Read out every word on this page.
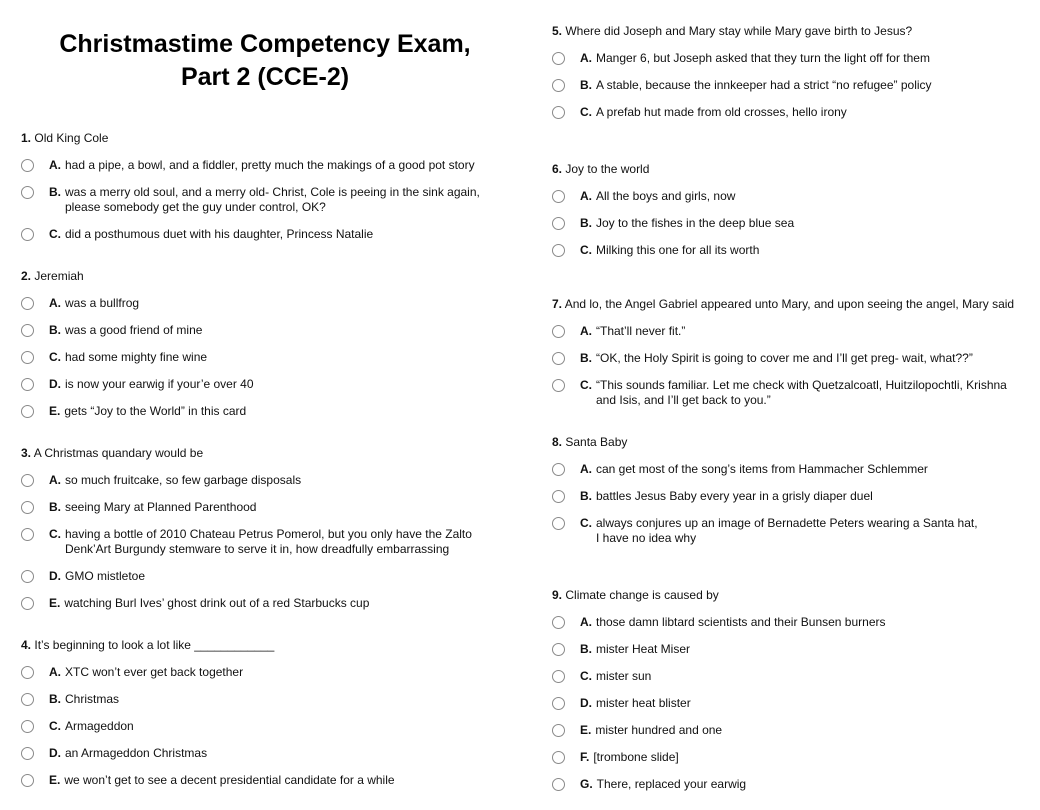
Christmastime Competency Exam,
Part 2 (CCE-2)
1. Old King Cole
A. had a pipe, a bowl, and a fiddler, pretty much the makings of a good pot story
B. was a merry old soul, and a merry old- Christ, Cole is peeing in the sink again,
please somebody get the guy under control, OK?
C. did a posthumous duet with his daughter, Princess Natalie
2. Jeremiah
A. was a bullfrog
B. was a good friend of mine
C. had some mighty fine wine
D. is now your earwig if your’e over 40
E. gets “Joy to the World” in this card
3. A Christmas quandary would be
A. so much fruitcake, so few garbage disposals
B. seeing Mary at Planned Parenthood
C. having a bottle of 2010 Chateau Petrus Pomerol, but you only have the Zalto
Denk’Art Burgundy stemware to serve it in, how dreadfully embarrassing
D. GMO mistletoe
E. watching Burl Ives’ ghost drink out of a red Starbucks cup
4. It’s beginning to look a lot like ____________
A. XTC won’t ever get back together
B. Christmas
C. Armageddon
D. an Armageddon Christmas
E. we won’t get to see a decent presidential candidate for a while
5. Where did Joseph and Mary stay while Mary gave birth to Jesus?
A. Manger 6, but Joseph asked that they turn the light off for them
B. A stable, because the innkeeper had a strict “no refugee” policy
C. A prefab hut made from old crosses, hello irony
6. Joy to the world
A. All the boys and girls, now
B. Joy to the fishes in the deep blue sea
C. Milking this one for all its worth
7. And lo, the Angel Gabriel appeared unto Mary, and upon seeing the angel, Mary said
A. “That’ll never fit.”
B. “OK, the Holy Spirit is going to cover me and I’ll get preg- wait, what??”
C. “This sounds familiar. Let me check with Quetzalcoatl, Huitzilopochtli, Krishna
and Isis, and I’ll get back to you.”
8. Santa Baby
A. can get most of the song’s items from Hammacher Schlemmer
B. battles Jesus Baby every year in a grisly diaper duel
C. always conjures up an image of Bernadette Peters wearing a Santa hat,
I have no idea why
9. Climate change is caused by
A. those damn libtard scientists and their Bunsen burners
B. mister Heat Miser
C. mister sun
D. mister heat blister
E. mister hundred and one
F. [trombone slide]
G. There, replaced your earwig
